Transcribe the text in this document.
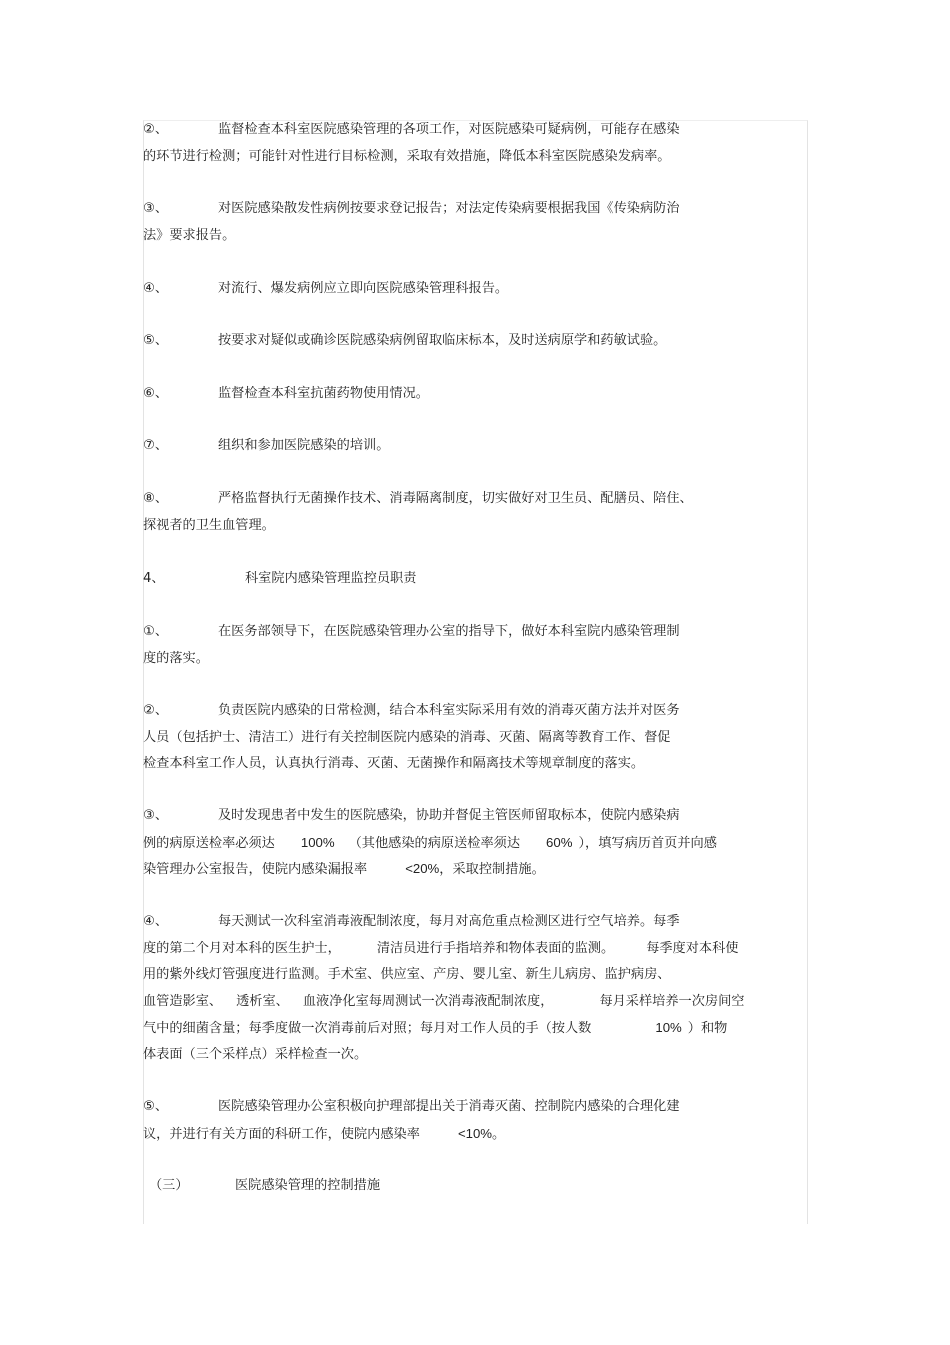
②、	监督检查本科室医院感染管理的各项工作，对医院感染可疑病例，可能存在感染
的环节进行检测；可能针对性进行目标检测，采取有效措施，降低本科室医院感染发病率。
③、	对医院感染散发性病例按要求登记报告；对法定传染病要根据我国《传染病防治
法》要求报告。
④、	对流行、爆发病例应立即向医院感染管理科报告。
⑤、	按要求对疑似或确诊医院感染病例留取临床标本，及时送病原学和药敏试验。
⑥、	监督检查本科室抗菌药物使用情况。
⑦、	组织和参加医院感染的培训。
⑧、	严格监督执行无菌操作技术、消毒隔离制度，切实做好对卫生员、配膳员、陪住、
探视者的卫生血管理。
4、	科室院内感染管理监控员职责
①、	在医务部领导下，在医院感染管理办公室的指导下，做好本科室院内感染管理制
度的落实。
②、	负责医院内感染的日常检测，结合本科室实际采用有效的消毒灭菌方法并对医务
人员（包括护士、清洁工）进行有关控制医院内感染的消毒、灭菌、隔离等教育工作、督促
检查本科室工作人员，认真执行消毒、灭菌、无菌操作和隔离技术等规章制度的落实。
③、	及时发现患者中发生的医院感染，协助并督促主管医师留取标本，使院内感染病
例的病原送检率必须达 100% （其他感染的病原送检率须达 60% ），填写病历首页并向感
染管理办公室报告，使院内感染漏报率	<20%，采取控制措施。
④、	每天测试一次科室消毒液配制浓度，每月对高危重点检测区进行空气培养。每季
度的第二个月对本科的医生护士，	清洁员进行手指培养和物体表面的监测。 每季度对本科使
用的紫外线灯管强度进行监测。手术室、供应室、产房、婴儿室、新生儿病房、监护病房、
血管造影室、 透析室、 血液净化室每周测试一次消毒液配制浓度，	每月采样培养一次房间空
气中的细菌含量；每季度做一次消毒前后对照；每月对工作人员的手（按人数	10% ）和物
体表面（三个采样点）采样检查一次。
⑤、	医院感染管理办公室积极向护理部提出关于消毒灭菌、控制院内感染的合理化建
议，并进行有关方面的科研工作，使院内感染率	<10%。
（三）	医院感染管理的控制措施
